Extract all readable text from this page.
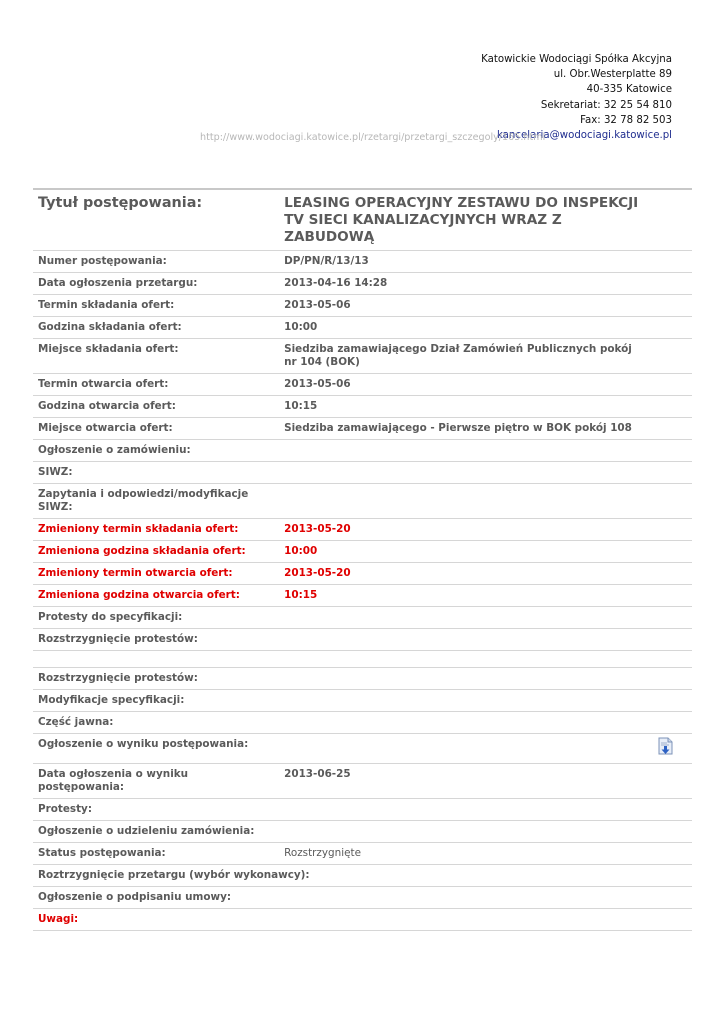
Katowickie Wodociągi Spółka Akcyjna
ul. Obr.Westerplatte 89
40-335 Katowice
Sekretariat: 32 25 54 810
Fax: 32 78 82 503
kancelaria@wodociagi.katowice.pl
http://www.wodociagi.katowice.pl/rzetargi/przetargi_szczegoly/165.html
Tytuł postępowania:	LEASING OPERACYJNY ZESTAWU DO INSPEKCJI TV SIECI KANALIZACYJNYCH WRAZ Z ZABUDOWĄ	
Numer postępowania:	DP/PN/R/13/13	
Data ogłoszenia przetargu:	2013-04-16 14:28	
Termin składania ofert:	2013-05-06	
Godzina składania ofert:	10:00	
Miejsce składania ofert:	Siedziba zamawiającego Dział Zamówień Publicznych pokój nr 104 (BOK)	
Termin otwarcia ofert:	2013-05-06	
Godzina otwarcia ofert:	10:15	
Miejsce otwarcia ofert:	Siedziba zamawiającego - Pierwsze piętro w BOK pokój 108	
Ogłoszenie o zamówieniu:		
SIWZ:		
Zapytania i odpowiedzi/modyfikacje SIWZ:		
Zmieniony termin składania ofert:	2013-05-20	
Zmieniona godzina składania ofert:	10:00	
Zmieniony termin otwarcia ofert:	2013-05-20	
Zmieniona godzina otwarcia ofert:	10:15	
Protesty do specyfikacji:		
Rozstrzygnięcie protestów:		

Rozstrzygnięcie protestów:		
Modyfikacje specyfikacji:		
Część jawna:		
Ogłoszenie o wyniku postępowania:		
Data ogłoszenia o wyniku postępowania:	2013-06-25	
Protesty:		
Ogłoszenie o udzieleniu zamówienia:		
Status postępowania:	Rozstrzygnięte	
Roztrzygnięcie przetargu (wybór wykonawcy):		
Ogłoszenie o podpisaniu umowy:		
Uwagi:		
